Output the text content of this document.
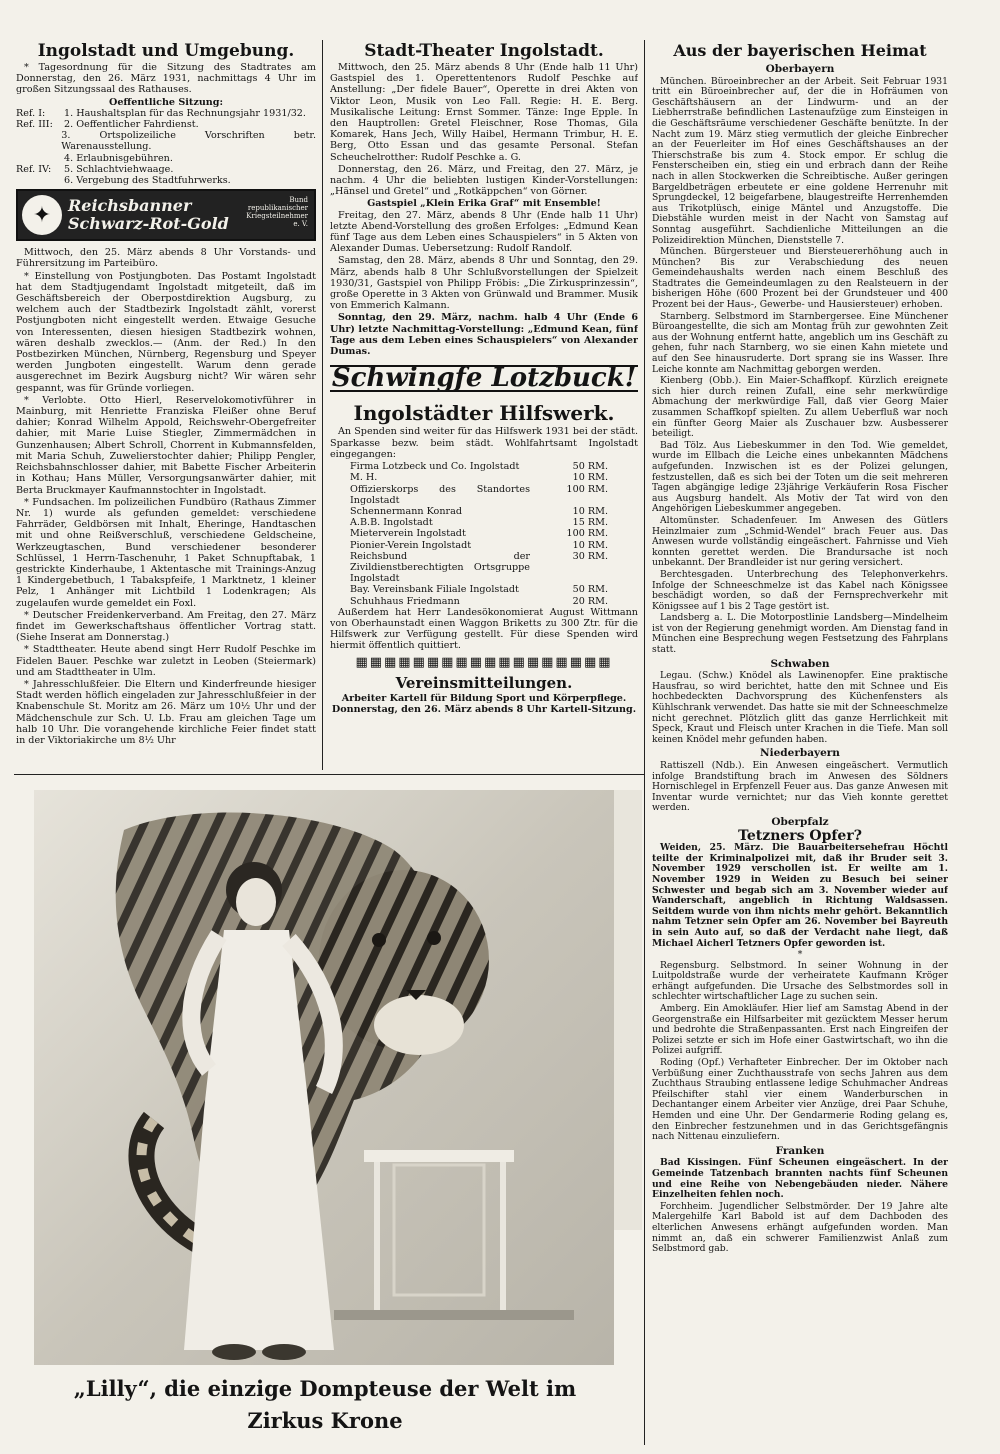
Ingolstadt und Umgebung.

* Tagesordnung für die Sitzung des Stadtrates am Donnerstag, den 26. März 1931, nachmittags 4 Uhr im großen Sitzungssaal des Rathauses.

Oeffentliche Sitzung:
Ref. I:	1. Haushaltsplan für das Rechnungsjahr 1931/32.
Ref. III:	2. Oeffentlicher Fahrdienst.
3. Ortspolizeiliche Vorschriften betr. Warenausstellung.
4. Erlaubnisgebühren.
Ref. IV:	5. Schlachtviehwaage.
6. Vergebung des Stadtfuhrwerks.
✦	Reichsbanner
Schwarz-Rot-Gold
Bund republikanischer Kriegsteilnehmer e. V.

Mittwoch, den 25. März abends 8 Uhr Vorstands- und Führersitzung im Parteibüro.

* Einstellung von Postjungboten. Das Postamt Ingolstadt hat dem Stadtjugendamt Ingolstadt mitgeteilt, daß im Geschäftsbereich der Oberpostdirektion Augsburg, zu welchem auch der Stadtbezirk Ingolstadt zählt, vorerst Postjungboten nicht eingestellt werden. Etwaige Gesuche von Interessenten, diesen hiesigen Stadtbezirk wohnen, wären deshalb zwecklos.— (Anm. der Red.) In den Postbezirken München, Nürnberg, Regensburg und Speyer werden Jungboten eingestellt. Warum denn gerade ausgerechnet im Bezirk Augsburg nicht? Wir wären sehr gespannt, was für Gründe vorliegen.

* Verlobte. Otto Hierl, Reservelokomotivführer in Mainburg, mit Henriette Franziska Fleißer ohne Beruf dahier; Konrad Wilhelm Appold, Reichswehr-Obergefreiter dahier, mit Marie Luise Stiegler, Zimmermädchen in Gunzenhausen; Albert Schroll, Chorrent in Kubmannsfelden, mit Maria Schuh, Zuwelierstochter dahier; Philipp Pengler, Reichsbahnschlosser dahier, mit Babette Fischer Arbeiterin in Kothau; Hans Müller, Versorgungsanwärter dahier, mit Berta Bruckmayer Kaufmannstochter in Ingolstadt.

* Fundsachen. Im polizeilichen Fundbüro (Rathaus Zimmer Nr. 1) wurde als gefunden gemeldet: verschiedene Fahrräder, Geldbörsen mit Inhalt, Eheringe, Handtaschen mit und ohne Reißverschluß, verschiedene Geldscheine, Werkzeugtaschen, Bund verschiedener besonderer Schlüssel, 1 Herrn-Taschenuhr, 1 Paket Schnupftabak, 1 gestrickte Kinderhaube, 1 Aktentasche mit Trainings-Anzug 1 Kindergebetbuch, 1 Tabakspfeife, 1 Marktnetz, 1 kleiner Pelz, 1 Anhänger mit Lichtbild 1 Lodenkragen; Als zugelaufen wurde gemeldet ein Foxl.

* Deutscher Freidenkerverband. Am Freitag, den 27. März findet im Gewerkschaftshaus öffentlicher Vortrag statt. (Siehe Inserat am Donnerstag.)

* Stadttheater. Heute abend singt Herr Rudolf Peschke im Fidelen Bauer. Peschke war zuletzt in Leoben (Steiermark) und am Stadttheater in Ulm.

* Jahresschlußfeier. Die Eltern und Kinderfreunde hiesiger Stadt werden höflich eingeladen zur Jahresschlußfeier in der Knabenschule St. Moritz am 26. März um 10½ Uhr und der Mädchenschule zur Sch. U. Lb. Frau am gleichen Tage um halb 10 Uhr. Die vorangehende kirchliche Feier findet statt in der Viktoriakirche um 8½ Uhr

Stadt-Theater Ingolstadt.

Mittwoch, den 25. März abends 8 Uhr (Ende halb 11 Uhr) Gastspiel des 1. Operettentenors Rudolf Peschke auf Anstellung: „Der fidele Bauer“, Operette in drei Akten von Viktor Leon, Musik von Leo Fall. Regie: H. E. Berg. Musikalische Leitung: Ernst Sommer. Tänze: Inge Epple. In den Hauptrollen: Gretel Fleischner, Rose Thomas, Gila Komarek, Hans Jech, Willy Haibel, Hermann Trimbur, H. E. Berg, Otto Essan und das gesamte Personal. Stefan Scheuchelrotther: Rudolf Peschke a. G.

Donnerstag, den 26. März, und Freitag, den 27. März, je nachm. 4 Uhr die beliebten lustigen Kinder-Vorstellungen: „Hänsel und Gretel“ und „Rotkäppchen“ von Görner.

Gastspiel „Klein Erika Graf“ mit Ensemble!

Freitag, den 27. März, abends 8 Uhr (Ende halb 11 Uhr) letzte Abend-Vorstellung des großen Erfolges: „Edmund Kean fünf Tage aus dem Leben eines Schauspielers“ in 5 Akten von Alexander Dumas. Uebersetzung: Rudolf Randolf.

Samstag, den 28. März, abends 8 Uhr und Sonntag, den 29. März, abends halb 8 Uhr Schlußvorstellungen der Spielzeit 1930/31, Gastspiel von Philipp Fröbis: „Die Zirkusprinzessin“, große Operette in 3 Akten von Grünwald und Brammer. Musik von Emmerich Kalmann.

Sonntag, den 29. März, nachm. halb 4 Uhr (Ende 6 Uhr) letzte Nachmittag-Vorstellung: „Edmund Kean, fünf Tage aus dem Leben eines Schauspielers“ von Alexander Dumas.

Schwingfe Lotzbuck!
Ingolstädter Hilfswerk.

An Spenden sind weiter für das Hilfswerk 1931 bei der städt. Sparkasse bezw. beim städt. Wohlfahrtsamt Ingolstadt eingegangen:

Firma Lotzbeck und Co. Ingolstadt	50 RM.
M. H.	10 RM.
Offizierskorps des Standortes Ingolstadt
100 RM.
Schennermann Konrad	10 RM.
A.B.B. Ingolstadt	15 RM.
Mieterverein Ingolstadt	100 RM.
Pionier-Verein Ingolstadt	10 RM.
Reichsbund der Zivildienstberechtigten Ortsgruppe Ingolstadt
30 RM.
Bay. Vereinsbank Filiale Ingolstadt	50 RM.
Schuhhaus Friedmann	20 RM.

Außerdem hat Herr Landesökonomierat August Wittmann von Oberhaunstadt einen Waggon Briketts zu 300 Ztr. für die Hilfswerk zur Verfügung gestellt. Für diese Spenden wird hiermit öffentlich quittiert.

▦▦▦▦▦▦▦▦▦▦▦▦▦▦▦▦▦▦
Vereinsmitteilungen.

Arbeiter Kartell für Bildung Sport und Körperpflege. Donnerstag, den 26. März abends 8 Uhr Kartell-Sitzung.

Aus der bayerischen Heimat
Oberbayern

München. Büroeinbrecher an der Arbeit. Seit Februar 1931 tritt ein Büroeinbrecher auf, der die in Hofräumen von Geschäftshäusern an der Lindwurm- und an der Liebherrstraße befindlichen Lastenaufzüge zum Einsteigen in die Geschäftsräume verschiedener Geschäfte benützte. In der Nacht zum 19. März stieg vermutlich der gleiche Einbrecher an der Feuerleiter im Hof eines Geschäftshauses an der Thierschstraße bis zum 4. Stock empor. Er schlug die Fensterscheiben ein, stieg ein und erbrach dann der Reihe nach in allen Stockwerken die Schreibtische. Außer geringen Bargeldbeträgen erbeutete er eine goldene Herrenuhr mit Sprungdeckel, 12 beigefarbene, blaugestreifte Herrenhemden aus Trikotplüsch, einige Mäntel und Anzugstoffe. Die Diebstähle wurden meist in der Nacht von Samstag auf Sonntag ausgeführt. Sachdienliche Mitteilungen an die Polizeidirektion München, Dienststelle 7.

München. Bürgersteuer und Biersteuererhöhung auch in München? Bis zur Verabschiedung des neuen Gemeindehaushalts werden nach einem Beschluß des Stadtrates die Gemeindeumlagen zu den Realsteuern in der bisherigen Höhe (600 Prozent bei der Grundsteuer und 400 Prozent bei der Haus-, Gewerbe- und Hausiersteuer) erhoben.

Starnberg. Selbstmord im Starnbergersee. Eine Münchener Büroangestellte, die sich am Montag früh zur gewohnten Zeit aus der Wohnung entfernt hatte, angeblich um ins Geschäft zu gehen, fuhr nach Starnberg, wo sie einen Kahn mietete und auf den See hinausruderte. Dort sprang sie ins Wasser. Ihre Leiche konnte am Nachmittag geborgen werden.

Kienberg (Obb.). Ein Maier-Schaffkopf. Kürzlich ereignete sich hier durch reinen Zufall, eine sehr merkwürdige Abmachung der merkwürdige Fall, daß vier Georg Maier zusammen Schaffkopf spielten. Zu allem Ueberfluß war noch ein fünfter Georg Maier als Zuschauer bzw. Ausbesserer beteiligt.

Bad Tölz. Aus Liebeskummer in den Tod. Wie gemeldet, wurde im Ellbach die Leiche eines unbekannten Mädchens aufgefunden. Inzwischen ist es der Polizei gelungen, festzustellen, daß es sich bei der Toten um die seit mehreren Tagen abgängige ledige 23jährige Verkäuferin Rosa Fischer aus Augsburg handelt. Als Motiv der Tat wird von den Angehörigen Liebeskummer angegeben.

Altomünster. Schadenfeuer. Im Anwesen des Gütlers Heinzlmaier zum „Schmid-Wendel“ brach Feuer aus. Das Anwesen wurde vollständig eingeäschert. Fahrnisse und Vieh konnten gerettet werden. Die Brandursache ist noch unbekannt. Der Brandleider ist nur gering versichert.

Berchtesgaden. Unterbrechung des Telephonverkehrs. Infolge der Schneeschmelze ist das Kabel nach Königssee beschädigt worden, so daß der Fernsprechverkehr mit Königssee auf 1 bis 2 Tage gestört ist.

Landsberg a. L. Die Motorpostlinie Landsberg—Mindelheim ist von der Regierung genehmigt worden. Am Dienstag fand in München eine Besprechung wegen Festsetzung des Fahrplans statt.

Schwaben

Legau. (Schw.) Knödel als Lawinenopfer. Eine praktische Hausfrau, so wird berichtet, hatte den mit Schnee und Eis hochbedeckten Dachvorsprung des Küchenfensters als Kühlschrank verwendet. Das hatte sie mit der Schneeschmelze nicht gerechnet. Plötzlich glitt das ganze Herrlichkeit mit Speck, Kraut und Fleisch unter Krachen in die Tiefe. Man soll keinen Knödel mehr gefunden haben.

Niederbayern

Rattiszell (Ndb.). Ein Anwesen eingeäschert. Vermutlich infolge Brandstiftung brach im Anwesen des Söldners Hornischlegel in Erpfenzell Feuer aus. Das ganze Anwesen mit Inventar wurde vernichtet; nur das Vieh konnte gerettet werden.

Oberpfalz
Tetzners Opfer?

Weiden, 25. März. Die Bauarbeitersehefrau Höchtl teilte der Kriminalpolizei mit, daß ihr Bruder seit 3. November 1929 verschollen ist. Er weilte am 1. November 1929 in Weiden zu Besuch bei seiner Schwester und begab sich am 3. November wieder auf Wanderschaft, angeblich in Richtung Waldsassen. Seitdem wurde von ihm nichts mehr gehört. Bekanntlich nahm Tetzner sein Opfer am 26. November bei Bayreuth in sein Auto auf, so daß der Verdacht nahe liegt, daß Michael Aicherl Tetzners Opfer geworden ist.

*

Regensburg. Selbstmord. In seiner Wohnung in der Luitpoldstraße wurde der verheiratete Kaufmann Kröger erhängt aufgefunden. Die Ursache des Selbstmordes soll in schlechter wirtschaftlicher Lage zu suchen sein.

Amberg. Ein Amokläufer. Hier lief am Samstag Abend in der Georgenstraße ein Hilfsarbeiter mit gezücktem Messer herum und bedrohte die Straßenpassanten. Erst nach Eingreifen der Polizei setzte er sich im Hofe einer Gastwirtschaft, wo ihn die Polizei aufgriff.

Roding (Opf.) Verhafteter Einbrecher. Der im Oktober nach Verbüßung einer Zuchthausstrafe von sechs Jahren aus dem Zuchthaus Straubing entlassene ledige Schuhmacher Andreas Pfeilschifter stahl vier einem Wanderburschen in Dechantanger einem Arbeiter vier Anzüge, drei Paar Schuhe, Hemden und eine Uhr. Der Gendarmerie Roding gelang es, den Einbrecher festzunehmen und in das Gerichtsgefängnis nach Nittenau einzuliefern.

Franken

Bad Kissingen. Fünf Scheunen eingeäschert. In der Gemeinde Tatzenbach brannten nachts fünf Scheunen und eine Reihe von Nebengebäuden nieder. Nähere Einzelheiten fehlen noch.

Forchheim. Jugendlicher Selbstmörder. Der 19 Jahre alte Malergehilfe Karl Babold ist auf dem Dachboden des elterlichen Anwesens erhängt aufgefunden worden. Man nimmt an, daß ein schwerer Familienzwist Anlaß zum Selbstmord gab.

„Lilly“, die einzige Dompteuse der Welt im
Zirkus Krone
